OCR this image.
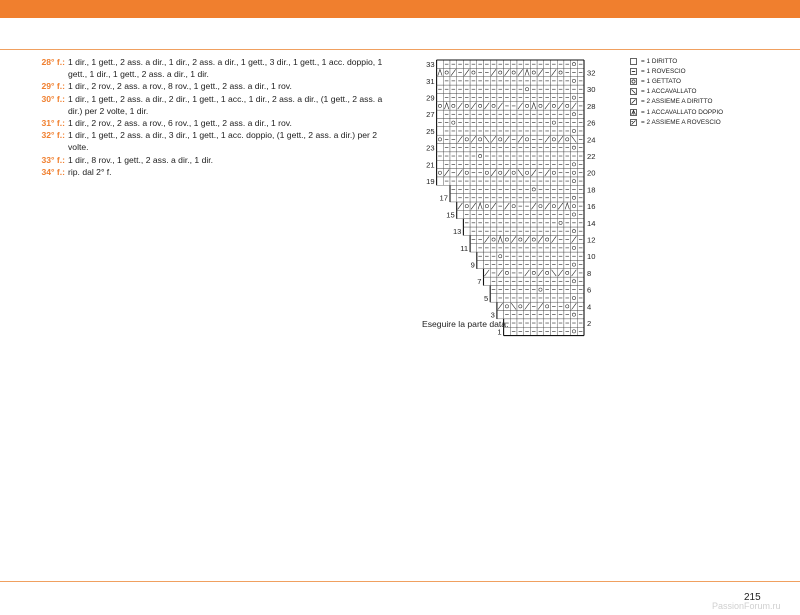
28° f.: 1 dir., 1 gett., 2 ass. a dir., 1 dir., 2 ass. a dir., 1 gett., 3 dir., 1 gett., 1 acc. doppio, 1 gett., 1 dir., 1 gett., 2 ass. a dir., 1 dir.
29° f.: 1 dir., 2 rov., 2 ass. a rov., 8 rov., 1 gett., 2 ass. a dir., 1 rov.
30° f.: 1 dir., 1 gett., 2 ass. a dir., 2 dir., 1 gett., 1 acc., 1 dir., 2 ass. a dir., (1 gett., 2 ass. a dir.) per 2 volte, 1 dir.
31° f.: 1 dir., 2 rov., 2 ass. a rov., 6 rov., 1 gett., 2 ass. a dir., 1 rov.
32° f.: 1 dir., 1 gett., 2 ass. a dir., 3 dir., 1 gett., 1 acc. doppio, (1 gett., 2 ass. a dir.) per 2 volte.
33° f.: 1 dir., 8 rov., 1 gett., 2 ass. a dir., 1 dir.
34° f.: rip. dal 2° f.
33
31
29
27
25
23
21
19
17
15
13
11
9
7
5
3
1
32
30
28
26
24
22
20
18
16
14
12
10
8
6
4
2
Eseguire la parte data.
= 1 DIRITTO
= 1 ROVESCIO
= 1 GETTATO
= 1 ACCAVALLATO
= 2 ASSIEME A DIRITTO
= 1 ACCAVALLATO DOPPIO
= 2 ASSIEME A ROVESCIO
215
PassionForum.ru
